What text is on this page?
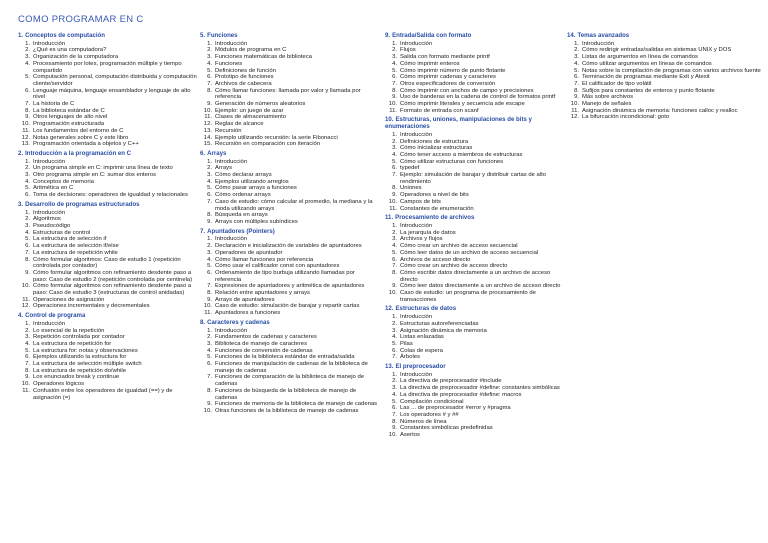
COMO PROGRAMAR EN C
1. Conceptos de computación
1. Introducción
2. ¿Qué es una computadora?
3. Organización de la computadora
4. Procesamiento por lotes, programación múltiple y tiempo compartido
5. Computación personal, computación distribuida y computación cliente/servidor
6. Lenguaje máquina, lenguaje ensamblador y lenguaje de alto nivel
7. La historia de C
8. La biblioteca estándar de C
9. Otros lenguajes de alto nivel
10. Programación estructurada
11. Los fundamentos del entorno de C
12. Notas generales sobre C y este libro
13. Programación orientada a objetos y C++
2. Introducción a la programación en C
1. Introducción
2. Un programa simple en C: imprimir una línea de texto
3. Otro programa simple en C: sumar dos enteros
4. Conceptos de memoria
5. Aritmética en C
6. Toma de decisiones: operadores de igualdad y relacionales
3. Desarrollo de programas estructurados
1. Introducción
2. Algoritmos
3. Pseudocódigo
4. Estructuras de control
5. La estructura de selección if
6. La estructura de selección if/else
7. La estructura de repetición while
8. Cómo formular algoritmos: Caso de estudio 1 (repetición controlada por contador)
9. Cómo formular algoritmos con refinamiento desdente paso a paso: Caso de estudio 2 (repetición controlada por centinela)
10. Cómo formular algoritmos con refinamiento desdente paso a paso: Caso de estudio 3 (estructuras de control anidadas)
11. Operaciones de asignación
12. Operaciones incrementales y decrementales
4. Control de programa
1. Introducción
2. Lo esencial de la repetición
3. Repetición controlada por contador
4. La estructura de repetición for
5. La estructura for: notas y observaciones
6. Ejemplos utilizando la estructura for
7. La estructura de selección múltiple switch
8. La estructura de repetición do/while
9. Los enunciados break y continue
10. Operadores lógicos
11. Confusión entre los operadores de igualdad (==) y de asignación (=)
5. Funciones
1. Introducción
2. Módulos de programa en C
3. Funciones matemáticas de biblioteca
4. Funciones
5. Definiciones de función
6. Prototipo de funciones
7. Archivos de cabecera
8. Cómo llamar funciones: llamada por valor y llamada por referencia
9. Generación de números aleatorios
10. Ejemplo: un juego de azar
11. Clases de almacenamiento
12. Reglas de alcance
13. Recursión
14. Ejemplo utilizando recursión: la serie Fibonacci
15. Recursión en comparación con iteración
6. Arrays
1. Introducción
2. Arrays
3. Cómo declarar arrays
4. Ejemplos utilizando arreglos
5. Cómo pasar arrays a funciones
6. Cómo ordenar arrays
7. Caso de estudio: cómo calcular el promedio, la mediana y la moda utilizando arrays
8. Búsqueda en arrays
9. Arrays con múltiples subíndices
7. Apuntadores (Pointers)
1. Introducción
2. Declaración e inicialización de variables de apuntadores
3. Operadores de apuntador
4. Cómo llamar funciones por referencia
5. Cómo usar el calificador const con apuntadores
6. Ordenamiento de tipo burbuja utilizando llamadas por referencia
7. Expresiones de apuntadores y aritmética de apuntadores
8. Relación entre apuntadores y arrays
9. Arrays de apuntadores
10. Caso de estudio: simulación de barajar y repartir cartas
11. Apuntadores a funciones
8. Caracteres y cadenas
1. Introducción
2. Fundamentos de cadenas y caracteres
3. Biblioteca de manejo de caracteres
4. Funciones de conversión de cadenas
5. Funciones de la biblioteca estándar de entrada/salida
6. Funciones de manipulación de cadenas de la biblioteca de manejo de cadenas
7. Funciones de comparación de la biblioteca de manejo de cadenas
8. Funciones de búsqueda de la biblioteca de manejo de cadenas
9. Funciones de memoria de la biblioteca de manejo de cadenas
10. Otras funciones de la biblioteca de manejo de cadenas
9. Entrada/Salida con formato
1. Introducción
2. Flujos
3. Salida con formato mediante printf
4. Cómo imprimir enteros
5. Cómo imprimir número de punto flotante
6. Cómo imprimir cadenas y caracteres
7. Otros especificadores de conversión
8. Cómo imprimir con anchos de campo y precisiones
9. Uso de banderas en la cadena de control de formatos printf
10. Cómo imprimir literales y secuencia sde escape
11. Formato de entrada con scanf
10. Estructuras, uniones, manipulaciones de bits y enumeraciones
1. Introducción
2. Definiciones de estructura
3. Cómo inicializar estructuras
4. Cómo tener acceso a miembros de estructuras
5. Cómo utilizar estructuras con funciones
6. typedef
7. Ejemplo: simulación de barajar y distribuir cartas de alto rendimiento
8. Uniones
9. Operadores a nivel de bits
10. Campos de bits
11. Constantes de enumeración
11. Procesamiento de archivos
1. Introducción
2. La jerarquía de datos
3. Archivos y flujos
4. Cómo crear un archivo de acceso secuencial
5. Cómo leer datos de un archivo de acceso secuencial
6. Archivos de acceso directo
7. Cómo crear un archivo de acceso directo
8. Cómo escribir datos directamente a un archivo de acceso directo
9. Cómo leer datos directamente a un archivo de acceso directo
10. Caso de estudio: un programa de procesamiento de transacciones
12. Estructuras de datos
1. Introducción
2. Estructuras autoreferenciadas
3. Asignación dinámica de memoria
4. Listas enlazadas
5. Pilas
6. Colas de espera
7. Árboles
13. El preprocesador
1. Introducción
2. La directiva de preprocesador #include
3. La directiva de preprocesador #define: constantes simbólicas
4. La directiva de preprocesador #define: macros
5. Compilación condicional
6. Las ... de preprocesador #error y #pragma
7. Los operadores # y ##
8. Números de línea
9. Constantes simbólicas predefinidas
10. Asertos
14. Temas avanzados
1. Introducción
2. Cómo redirigir entradas/salidas en sistemas UNIX y DOS
3. Listas de argumentos en línea de comandos
4. Cómo utilizar argumentos en líneas de comandos
5. Notas sobre la compilación de programas con varios archivos fuente
6. Terminación de programas mediante Exit y Atexit
7. El calificador de tipo volátil
8. Sufijos para constantes de enteros y punto flotante
9. Más sobre archivos
10. Manejo de señales
11. Asignación dinámica de memoria: funciones calloc y realloc
12. La bifurcación incondicional: goto
